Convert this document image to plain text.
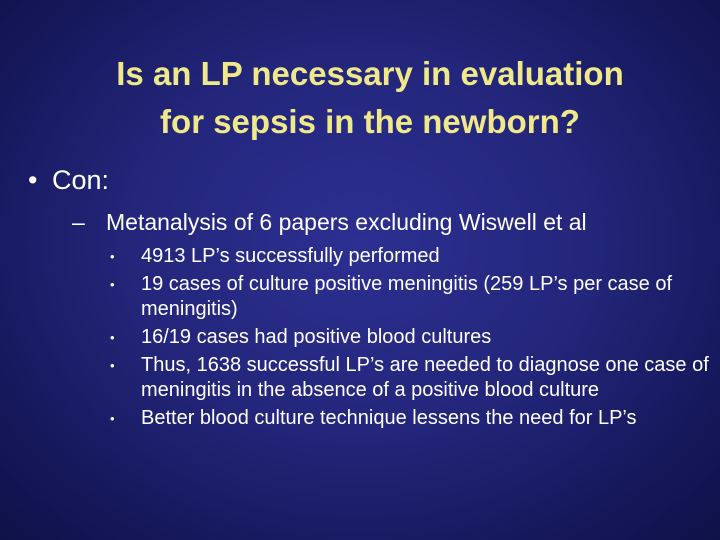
Is an LP necessary in evaluation
for sepsis in the newborn?
• Con:
– Metanalysis of 6 papers excluding Wiswell et al
• 4913 LP’s successfully performed
• 19 cases of culture positive meningitis (259 LP’s per case of meningitis)
• 16/19 cases had positive blood cultures
• Thus, 1638 successful LP’s are needed to diagnose one case of meningitis in the absence of a positive blood culture
• Better blood culture technique lessens the need for LP’s
